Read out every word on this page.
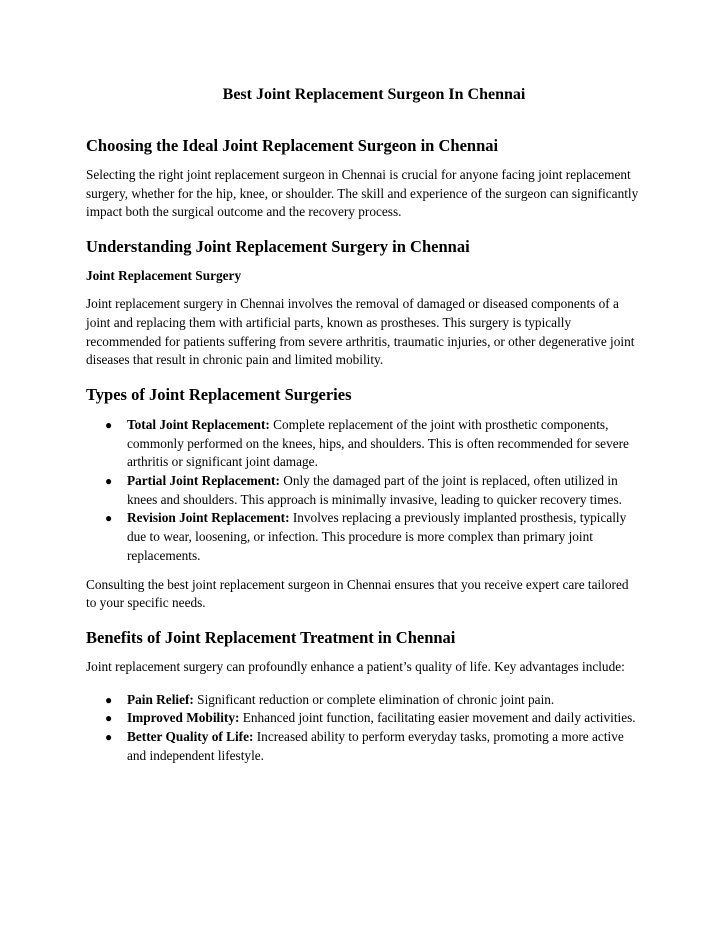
Best Joint Replacement Surgeon In Chennai
Choosing the Ideal Joint Replacement Surgeon in Chennai

Selecting the right joint replacement surgeon in Chennai is crucial for anyone facing joint replacement surgery, whether for the hip, knee, or shoulder. The skill and experience of the surgeon can significantly impact both the surgical outcome and the recovery process.

Understanding Joint Replacement Surgery in Chennai
Joint Replacement Surgery

Joint replacement surgery in Chennai involves the removal of damaged or diseased components of a joint and replacing them with artificial parts, known as prostheses. This surgery is typically recommended for patients suffering from severe arthritis, traumatic injuries, or other degenerative joint diseases that result in chronic pain and limited mobility.

Types of Joint Replacement Surgeries
● Total Joint Replacement: Complete replacement of the joint with prosthetic components, commonly performed on the knees, hips, and shoulders. This is often recommended for severe arthritis or significant joint damage.
● Partial Joint Replacement: Only the damaged part of the joint is replaced, often utilized in knees and shoulders. This approach is minimally invasive, leading to quicker recovery times.
● Revision Joint Replacement: Involves replacing a previously implanted prosthesis, typically due to wear, loosening, or infection. This procedure is more complex than primary joint replacements.

Consulting the best joint replacement surgeon in Chennai ensures that you receive expert care tailored to your specific needs.

Benefits of Joint Replacement Treatment in Chennai

Joint replacement surgery can profoundly enhance a patient’s quality of life. Key advantages include:

● Pain Relief: Significant reduction or complete elimination of chronic joint pain.
● Improved Mobility: Enhanced joint function, facilitating easier movement and daily activities.
● Better Quality of Life: Increased ability to perform everyday tasks, promoting a more active and independent lifestyle.
